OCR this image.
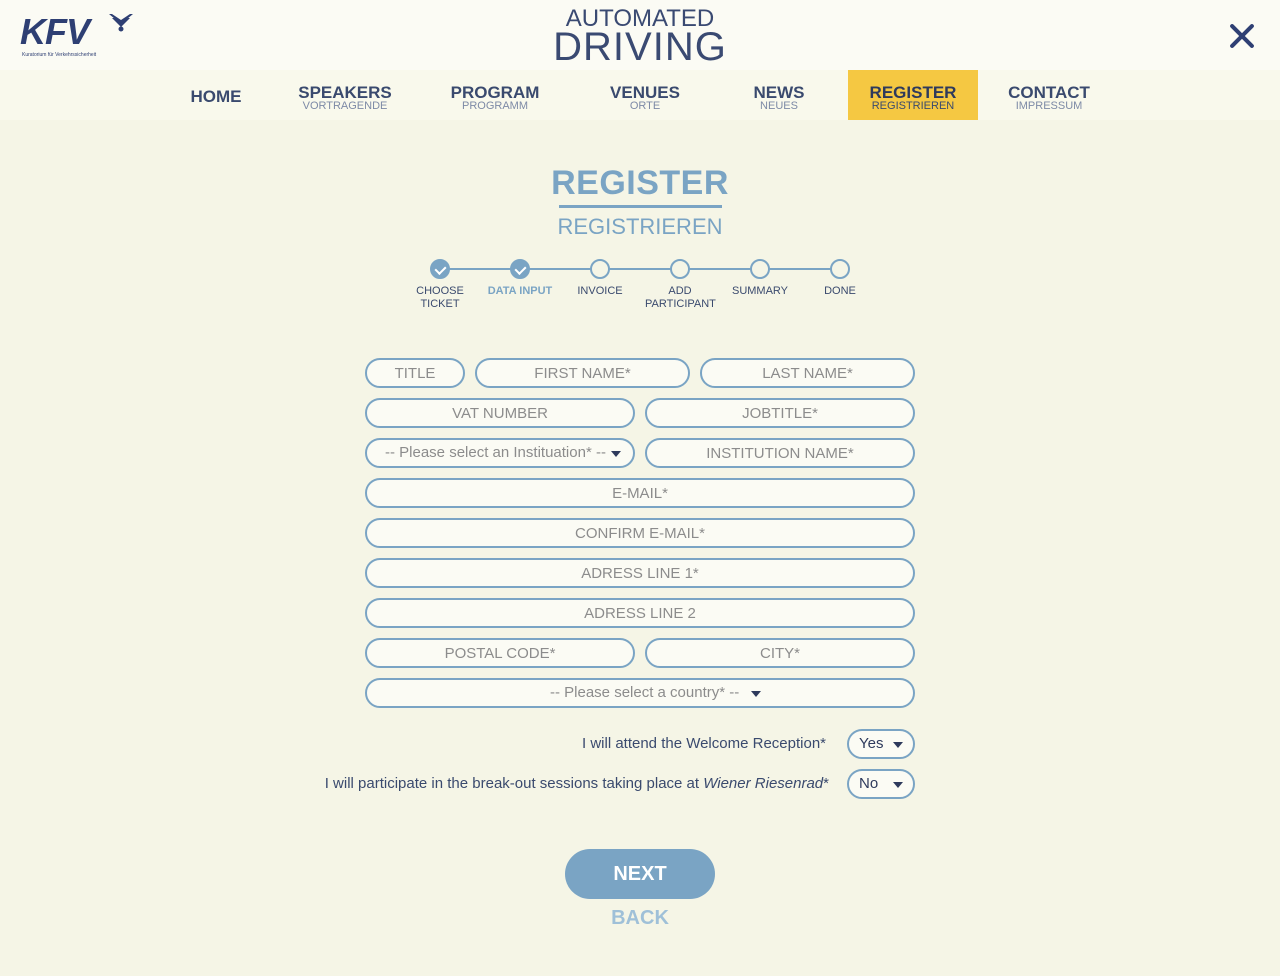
KFV
Kuratorium für Verkehrssicherheit
AUTOMATED
DRIVING
HOME	SPEAKERS
VORTRAGENDE
PROGRAM
PROGRAMM
VENUES
ORTE
NEWS
NEUES
REGISTER
REGISTRIEREN
CONTACT
IMPRESSUM
REGISTER
REGISTRIEREN
CHOOSE TICKET
DATA INPUT	INVOICE	ADD PARTICIPANT
SUMMARY	DONE
TITLE
FIRST NAME*
LAST NAME*
VAT NUMBER
JOBTITLE*
-- Please select an Instituation* --
INSTITUTION NAME*
E-MAIL*
CONFIRM E-MAIL*
ADRESS LINE 1*
ADRESS LINE 2
POSTAL CODE*
CITY*
-- Please select a country* --
I will attend the Welcome Reception* Yes
I will participate in the break-out sessions taking place at Wiener Riesenrad* No
NEXT
BACK
